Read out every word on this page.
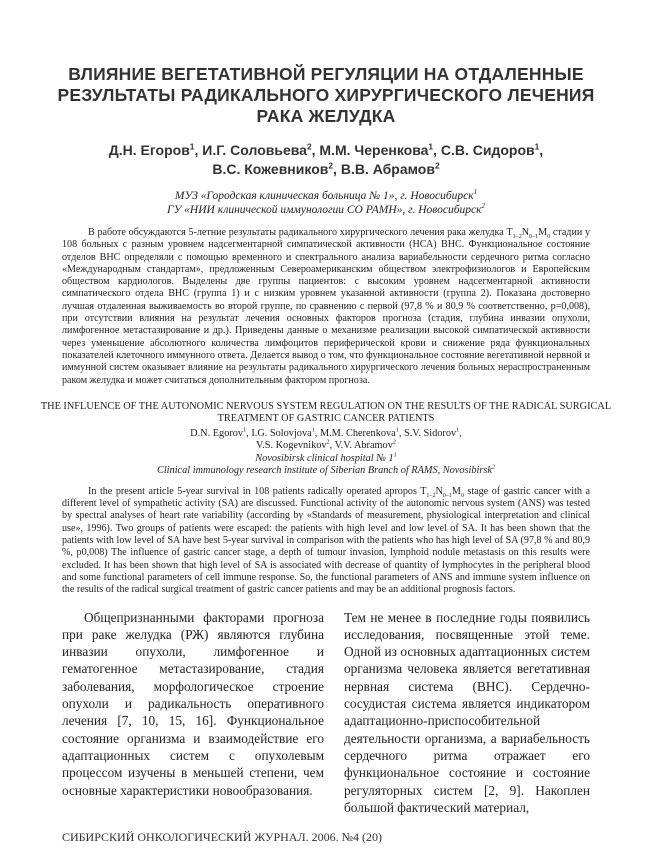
ВЛИЯНИЕ ВЕГЕТАТИВНОЙ РЕГУЛЯЦИИ НА ОТДАЛЕННЫЕ РЕЗУЛЬТАТЫ РАДИКАЛЬНОГО ХИРУРГИЧЕСКОГО ЛЕЧЕНИЯ РАКА ЖЕЛУДКА
Д.Н. Егоров$^1$, И.Г. Соловьева$^2$, М.М. Черенкова$^1$, С.В. Сидоров$^1$,
В.С. Кожевников$^2$, В.В. Абрамов$^2$
МУЗ «Городская клиническая больница № 1», г. Новосибирск$^1$
ГУ «НИИ клинической иммунологии СО РАМН», г. Новосибирск$^2$
В работе обсуждаются 5-летние результаты радикального хирургического лечения рака желудка $T_{1-2}N_{0-1}M_0$ стадии у 108 больных с разным уровнем надсегментарной симпатической активности (НСА) ВНС. Функциональное состояние отделов ВНС определяли с помощью временного и спектрального анализа вариабельности сердечного ритма согласно «Международным стандартам», предложенным Североамериканским обществом электрофизиологов и Европейским обществом кардиологов. Выделены две группы пациентов: с высоким уровнем надсегментарной активности симпатического отдела ВНС (группа 1) и с низким уровнем указанной активности (группа 2). Показана достоверно лучшая отдаленная выживаемость во второй группе, по сравнению с первой (97,8 % и 80,9 % соответственно, p=0,008), при отсутствии влияния на результат лечения основных факторов прогноза (стадия, глубина инвазии опухоли, лимфогенное метастазирование и др.). Приведены данные о механизме реализации высокой симпатической активности через уменьшение абсолютного количества лимфоцитов периферической крови и снижение ряда функциональных показателей клеточного иммунного ответа. Делается вывод о том, что функциональное состояние вегетативной нервной и иммунной систем оказывает влияние на результаты радикального хирургического лечения больных нераспространенным раком желудка и может считаться дополнительным фактором прогноза.
THE INFLUENCE OF THE AUTONOMIC NERVOUS SYSTEM REGULATION ON THE RESULTS OF THE RADICAL SURGICAL TREATMENT OF GASTRIC CANCER PATIENTS
D.N. Egorov$^1$, I.G. Solovjova$^1$, M.M. Cherenkova$^1$, S.V. Sidorov$^1$,
V.S. Kogevnikov$^2$, V.V. Abramov$^2$
Novosibirsk clinical hospital № $1^1$
Clinical immunology research institute of Siberian Branch of RAMS, Novosibirsk$^2$
In the present article 5-year survival in 108 patients radically operated apropos $T_{1-2}N_{0-1}M_0$ stage of gastric cancer with a different level of sympathetic activity (SA) are discussed. Functional activity of the autonomic nervous system (ANS) was tested by spectral analyses of heart rate variability (according by «Standards of measurement, physiological interpretation and clinical use», 1996). Two groups of patients were escaped: the patients with high level and low level of SA. It has been shown that the patients with low level of SA have best 5-year survival in comparison with the patients who has high level of SA (97,8 % and 80,9 %, p0,008) The influence of gastric cancer stage, a depth of tumour invasion, lymphoid nodule metastasis on this results were excluded. It has been shown that high level of SA is associated with decrease of quantity of lymphocytes in the peripheral blood and some functional parameters of cell immune response. So, the functional parameters of ANS and immune system influence on the results of the radical surgical treatment of gastric cancer patients and may be an additional prognosis factors.
Общепризнанными факторами прогноза при раке желудка (РЖ) являются глубина инвазии опухоли, лимфогенное и гематогенное метастазирование, стадия заболевания, морфологическое строение опухоли и радикальность оперативного лечения [7, 10, 15, 16]. Функциональное состояние организма и взаимодействие его адаптационных систем с опухолевым процессом изучены в меньшей степени, чем основные характеристики новообразования.
Тем не менее в последние годы появились исследования, посвященные этой теме. Одной из основных адаптационных систем организма человека является вегетативная нервная система (ВНС). Сердечно-сосудистая система является индикатором адаптационно-приспособительной деятельности организма, а вариабельность сердечного ритма отражает его функциональное состояние и состояние регуляторных систем [2, 9]. Накоплен большой фактический материал,
СИБИРСКИЙ ОНКОЛОГИЧЕСКИЙ ЖУРНАЛ. 2006. №4 (20)
